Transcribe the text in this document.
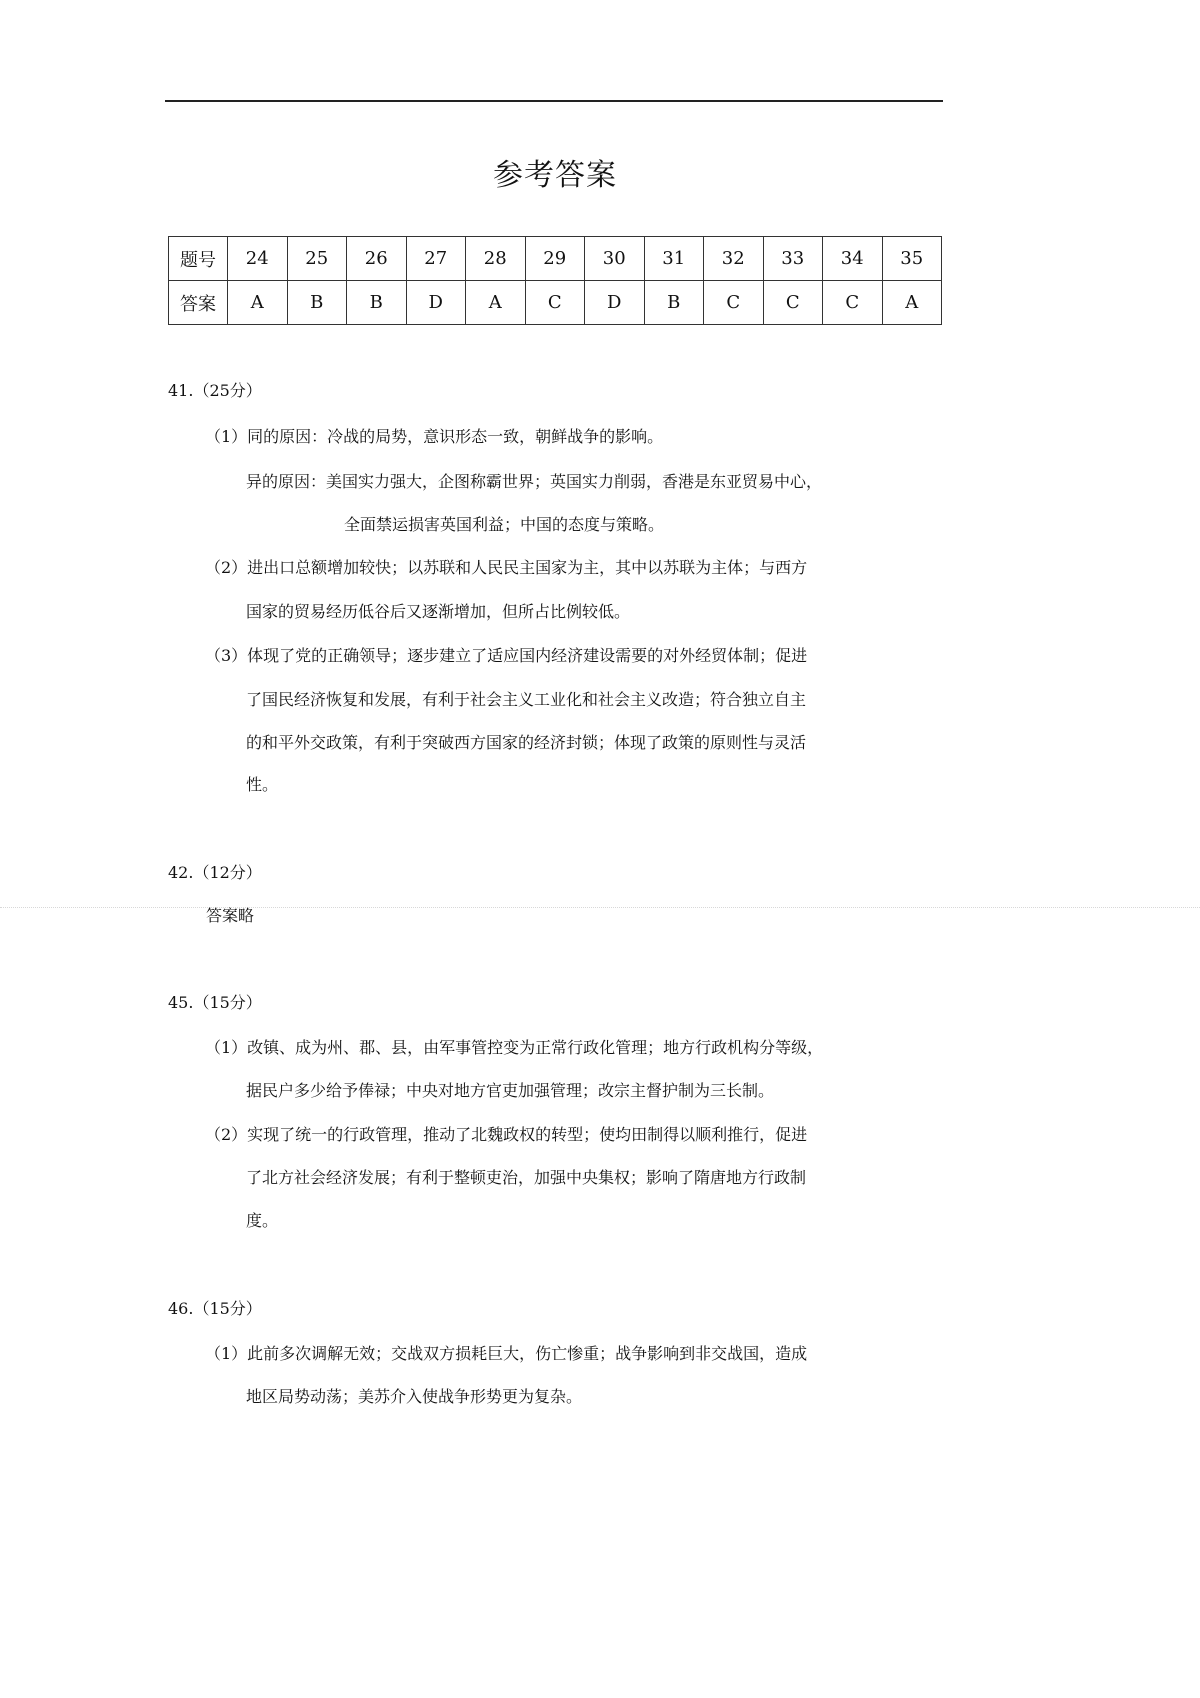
参考答案
题号	24	25	26	27	28	29	30	31	32	33	34	35
答案	A	B	B	D	A	C	D	B	C	C	C	A
41.（25分）
（1）同的原因：冷战的局势，意识形态一致，朝鲜战争的影响。
异的原因：美国实力强大，企图称霸世界；英国实力削弱，香港是东亚贸易中心，
全面禁运损害英国利益；中国的态度与策略。
（2）进出口总额增加较快；以苏联和人民民主国家为主，其中以苏联为主体；与西方
国家的贸易经历低谷后又逐渐增加，但所占比例较低。
（3）体现了党的正确领导；逐步建立了适应国内经济建设需要的对外经贸体制；促进
了国民经济恢复和发展，有利于社会主义工业化和社会主义改造；符合独立自主
的和平外交政策，有利于突破西方国家的经济封锁；体现了政策的原则性与灵活
性。
42.（12分）
答案略
45.（15分）
（1）改镇、成为州、郡、县，由军事管控变为正常行政化管理；地方行政机构分等级，
据民户多少给予俸禄；中央对地方官吏加强管理；改宗主督护制为三长制。
（2）实现了统一的行政管理，推动了北魏政权的转型；使均田制得以顺利推行，促进
了北方社会经济发展；有利于整顿吏治，加强中央集权；影响了隋唐地方行政制
度。
46.（15分）
（1）此前多次调解无效；交战双方损耗巨大，伤亡惨重；战争影响到非交战国，造成
地区局势动荡；美苏介入使战争形势更为复杂。
